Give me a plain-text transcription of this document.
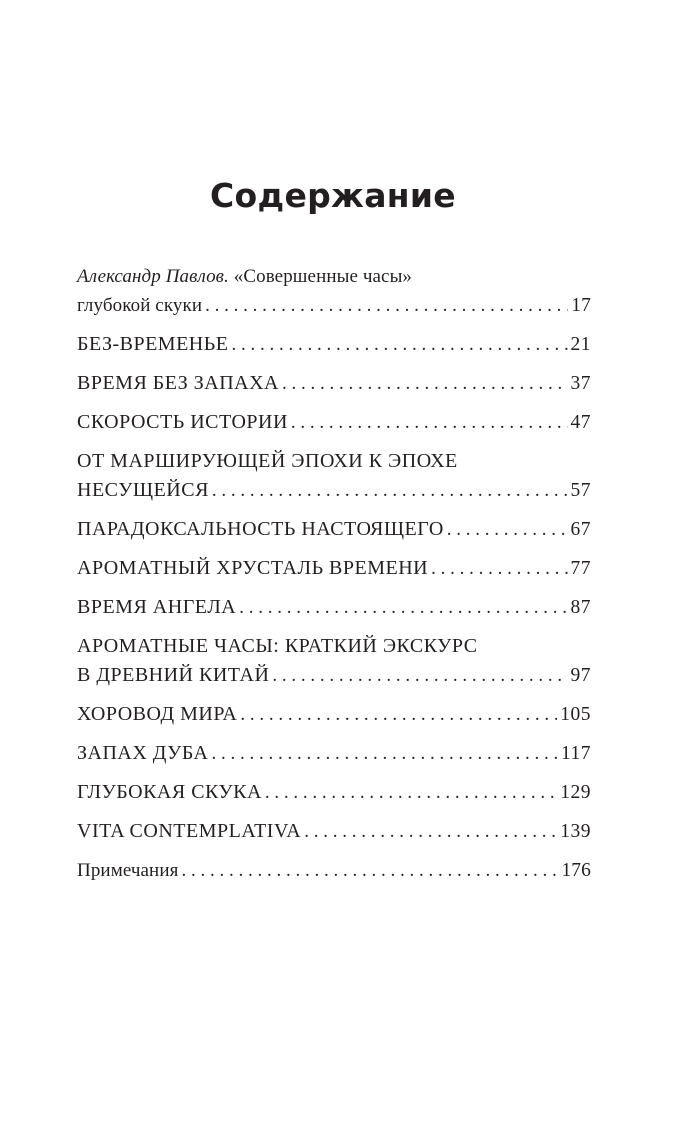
Содержание
Александр Павлов. «Совершенные часы»
глубокой скуки . . .	17
БЕЗ-ВРЕМЕНЬЕ . . .	21
ВРЕМЯ БЕЗ ЗАПАХА . . .	37
СКОРОСТЬ ИСТОРИИ . . .	47
ОТ МАРШИРУЮЩЕЙ ЭПОХИ К ЭПОХЕ
НЕСУЩЕЙСЯ . . .	57
ПАРАДОКСАЛЬНОСТЬ НАСТОЯЩЕГО . . .	67
АРОМАТНЫЙ ХРУСТАЛЬ ВРЕМЕНИ . . .	77
ВРЕМЯ АНГЕЛА . . .	87
АРОМАТНЫЕ ЧАСЫ: КРАТКИЙ ЭКСКУРС
В ДРЕВНИЙ КИТАЙ . . .	97
ХОРОВОД МИРА . . .	105
ЗАПАХ ДУБА . . .	117
ГЛУБОКАЯ СКУКА . . .	129
VITA CONTEMPLATIVA . . .	139
Примечания . . .	176
